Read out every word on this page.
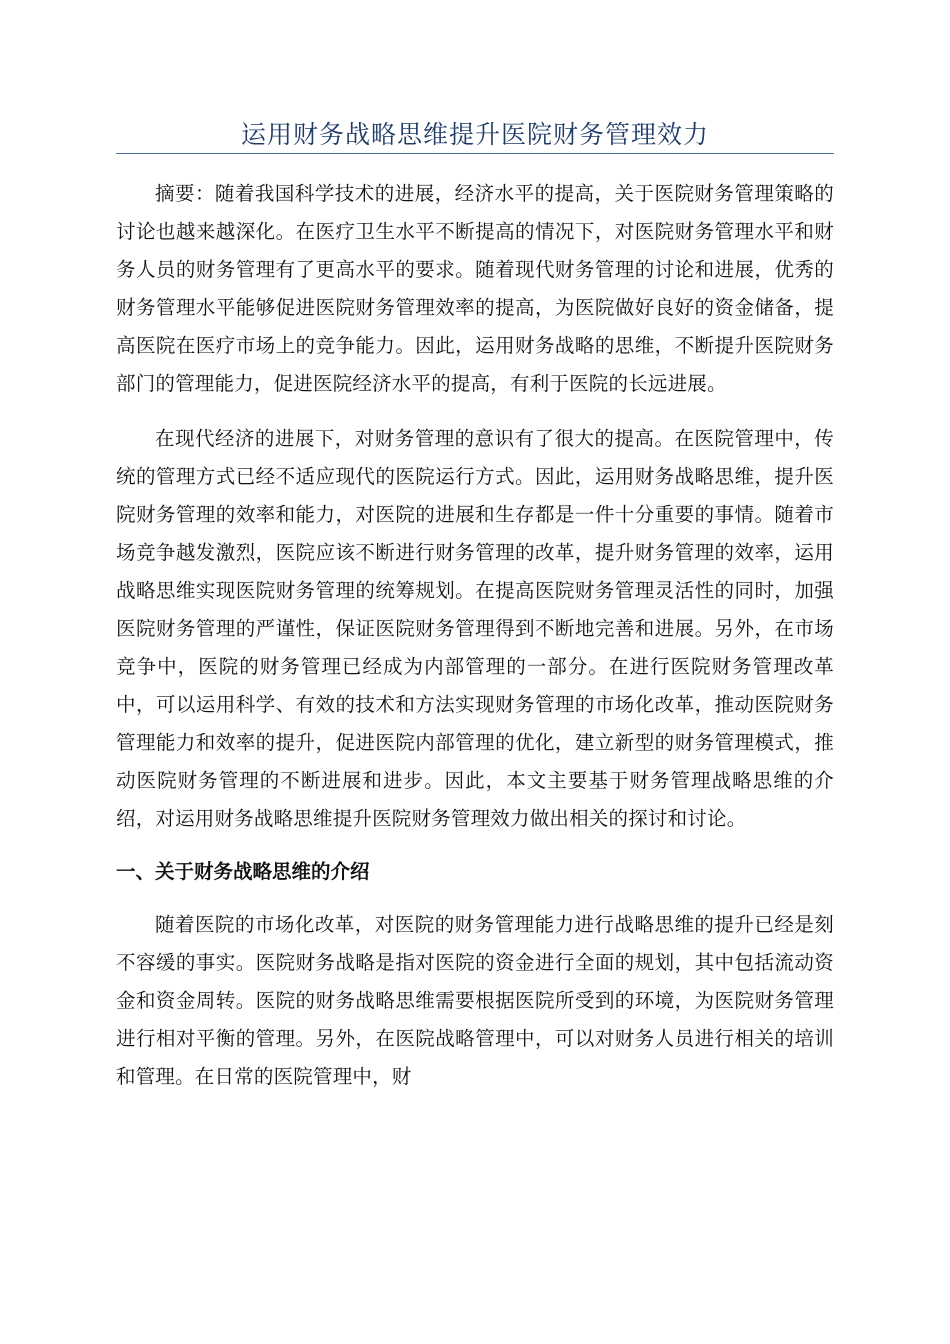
运用财务战略思维提升医院财务管理效力

摘要：随着我国科学技术的进展，经济水平的提高，关于医院财务管理策略的讨论也越来越深化。在医疗卫生水平不断提高的情况下，对医院财务管理水平和财务人员的财务管理有了更高水平的要求。随着现代财务管理的讨论和进展，优秀的财务管理水平能够促进医院财务管理效率的提高，为医院做好良好的资金储备，提高医院在医疗市场上的竞争能力。因此，运用财务战略的思维，不断提升医院财务部门的管理能力，促进医院经济水平的提高，有利于医院的长远进展。

在现代经济的进展下，对财务管理的意识有了很大的提高。在医院管理中，传统的管理方式已经不适应现代的医院运行方式。因此，运用财务战略思维，提升医院财务管理的效率和能力，对医院的进展和生存都是一件十分重要的事情。随着市场竞争越发激烈，医院应该不断进行财务管理的改革，提升财务管理的效率，运用战略思维实现医院财务管理的统筹规划。在提高医院财务管理灵活性的同时，加强医院财务管理的严谨性，保证医院财务管理得到不断地完善和进展。另外，在市场竞争中，医院的财务管理已经成为内部管理的一部分。在进行医院财务管理改革中，可以运用科学、有效的技术和方法实现财务管理的市场化改革，推动医院财务管理能力和效率的提升，促进医院内部管理的优化，建立新型的财务管理模式，推动医院财务管理的不断进展和进步。因此，本文主要基于财务管理战略思维的介绍，对运用财务战略思维提升医院财务管理效力做出相关的探讨和讨论。

一、关于财务战略思维的介绍

随着医院的市场化改革，对医院的财务管理能力进行战略思维的提升已经是刻不容缓的事实。医院财务战略是指对医院的资金进行全面的规划，其中包括流动资金和资金周转。医院的财务战略思维需要根据医院所受到的环境，为医院财务管理进行相对平衡的管理。另外，在医院战略管理中，可以对财务人员进行相关的培训和管理。在日常的医院管理中，财
